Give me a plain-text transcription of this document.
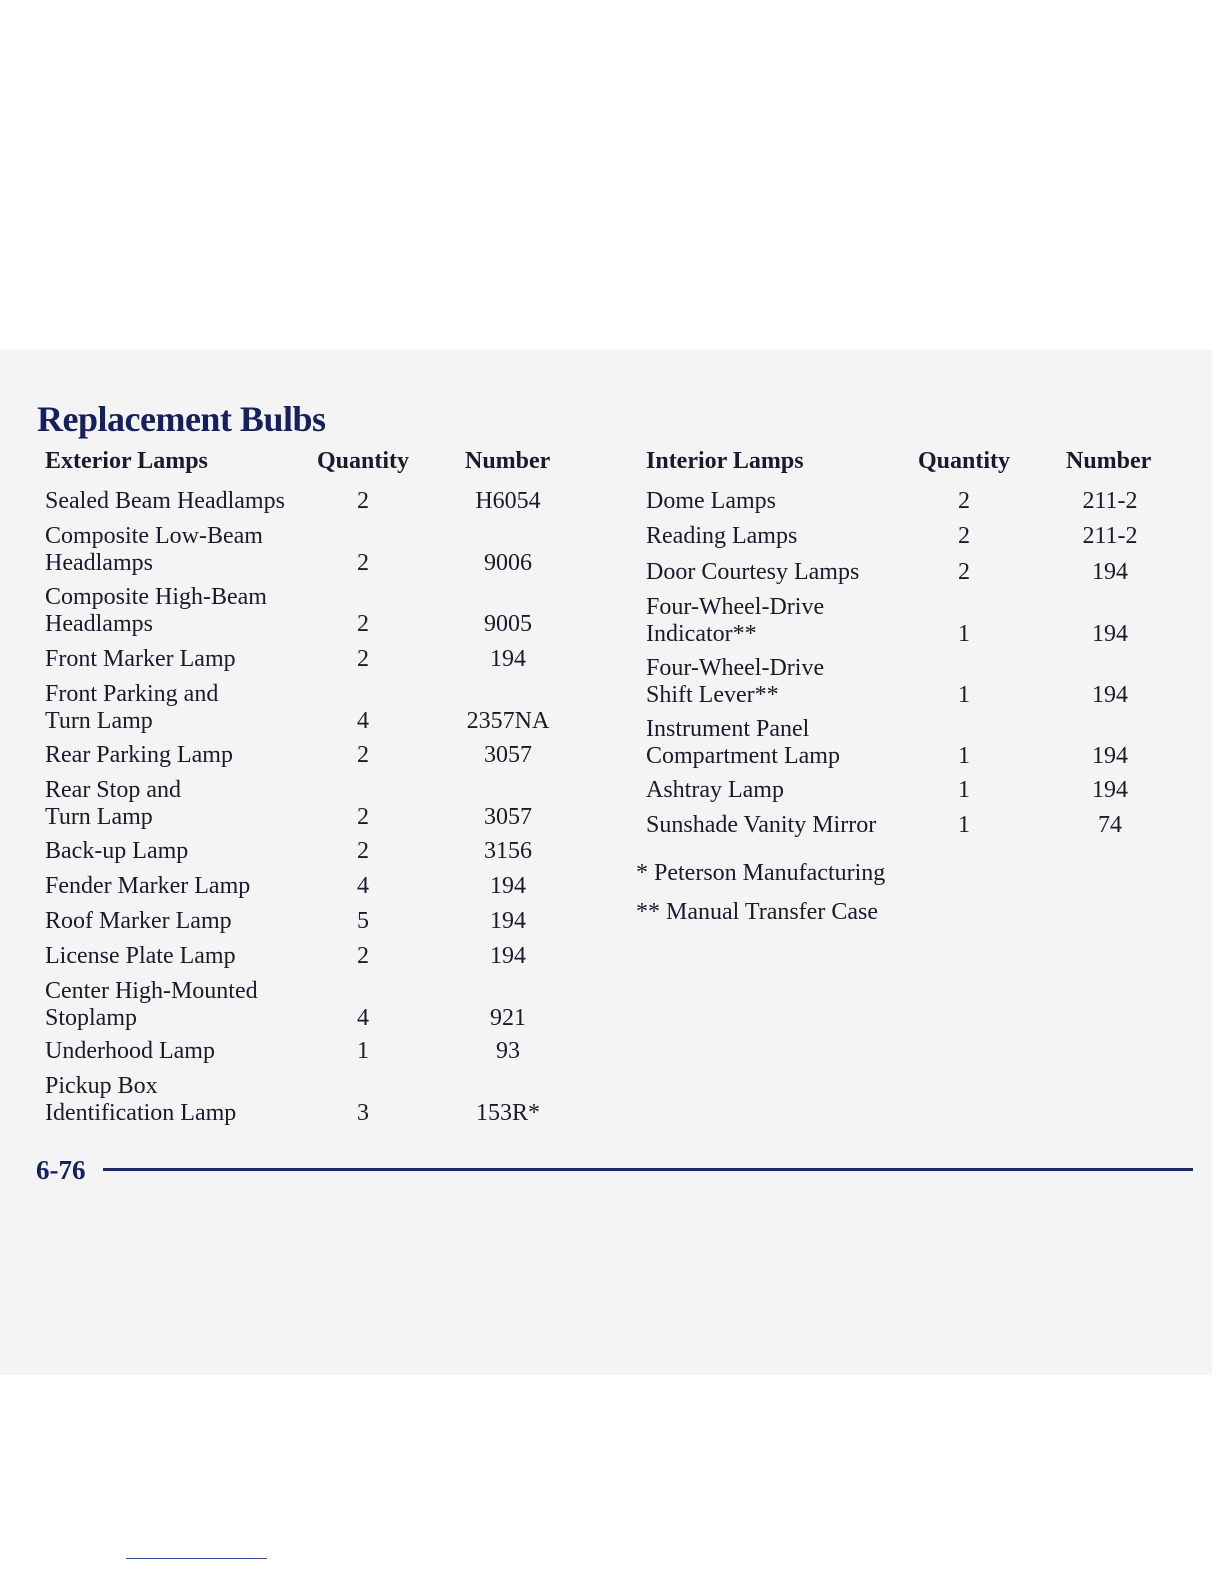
Replacement Bulbs
Exterior Lamps	Quantity Number	Interior Lamps	Quantity Number
Sealed Beam Headlamps	2	H6054
Composite Low-Beam
Headlamps	2	9006
Composite High-Beam
Headlamps	2	9005
Front Marker Lamp	2	194
Front Parking and
Turn Lamp	4	2357NA
Rear Parking Lamp	2	3057
Rear Stop and
Turn Lamp	2	3057
Back-up Lamp	2	3156
Fender Marker Lamp	4	194
Roof Marker Lamp	5	194
License Plate Lamp	2	194
Center High-Mounted
Stoplamp	4	921
Underhood Lamp	1	93
Pickup Box
Identification Lamp	3	153R*
Dome Lamps	2	211-2
Reading Lamps	2	211-2
Door Courtesy Lamps	2	194
Four-Wheel-Drive
Indicator**	1	194
Four-Wheel-Drive
Shift Lever**	1	194
Instrument Panel
Compartment Lamp	1	194
Ashtray Lamp	1	194
Sunshade Vanity Mirror	1	74
* Peterson Manufacturing
** Manual Transfer Case
6-76
